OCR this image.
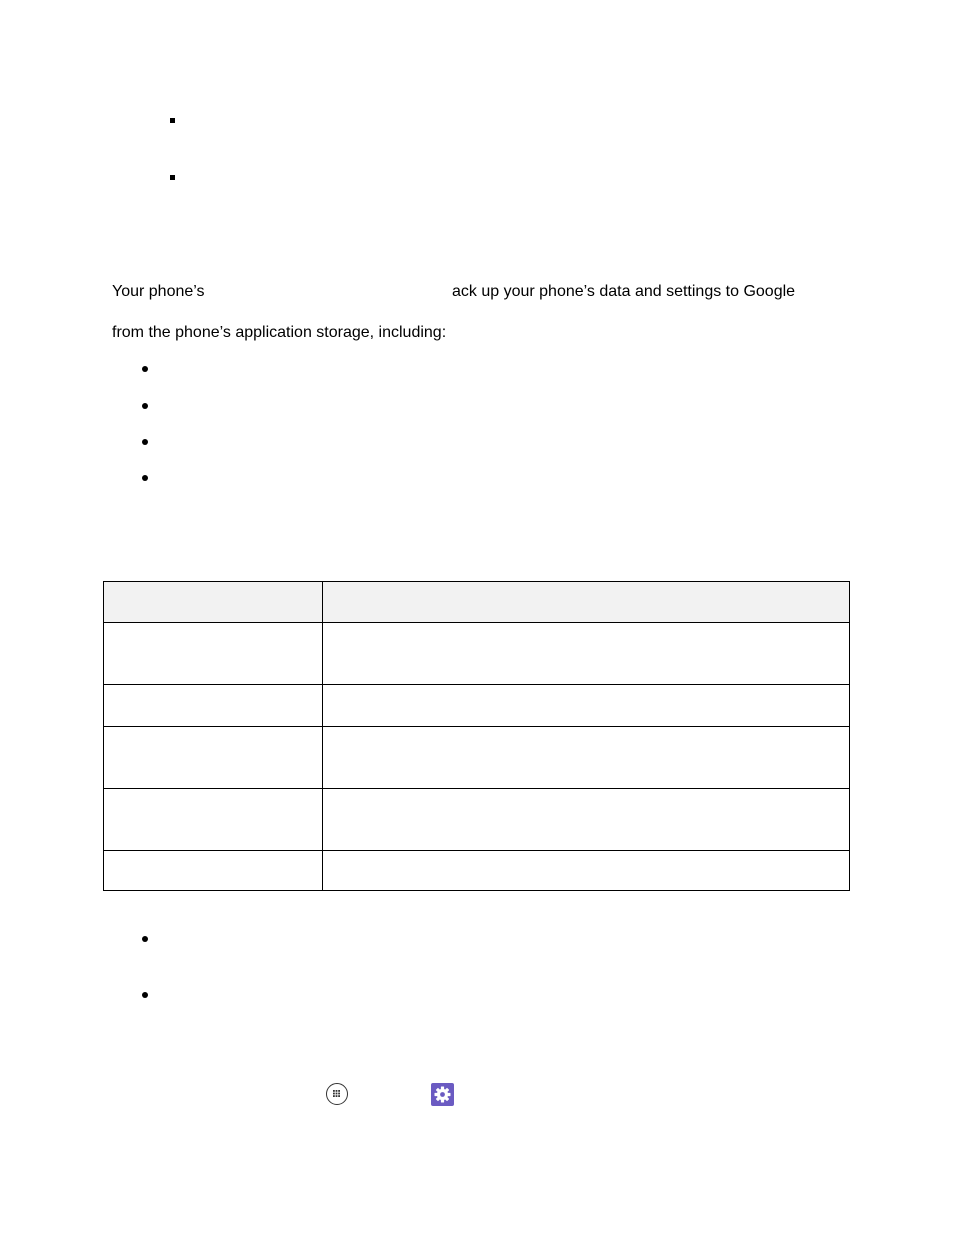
Your phone’s	ack up your phone’s data and settings to Google
from the phone’s application storage, including:
